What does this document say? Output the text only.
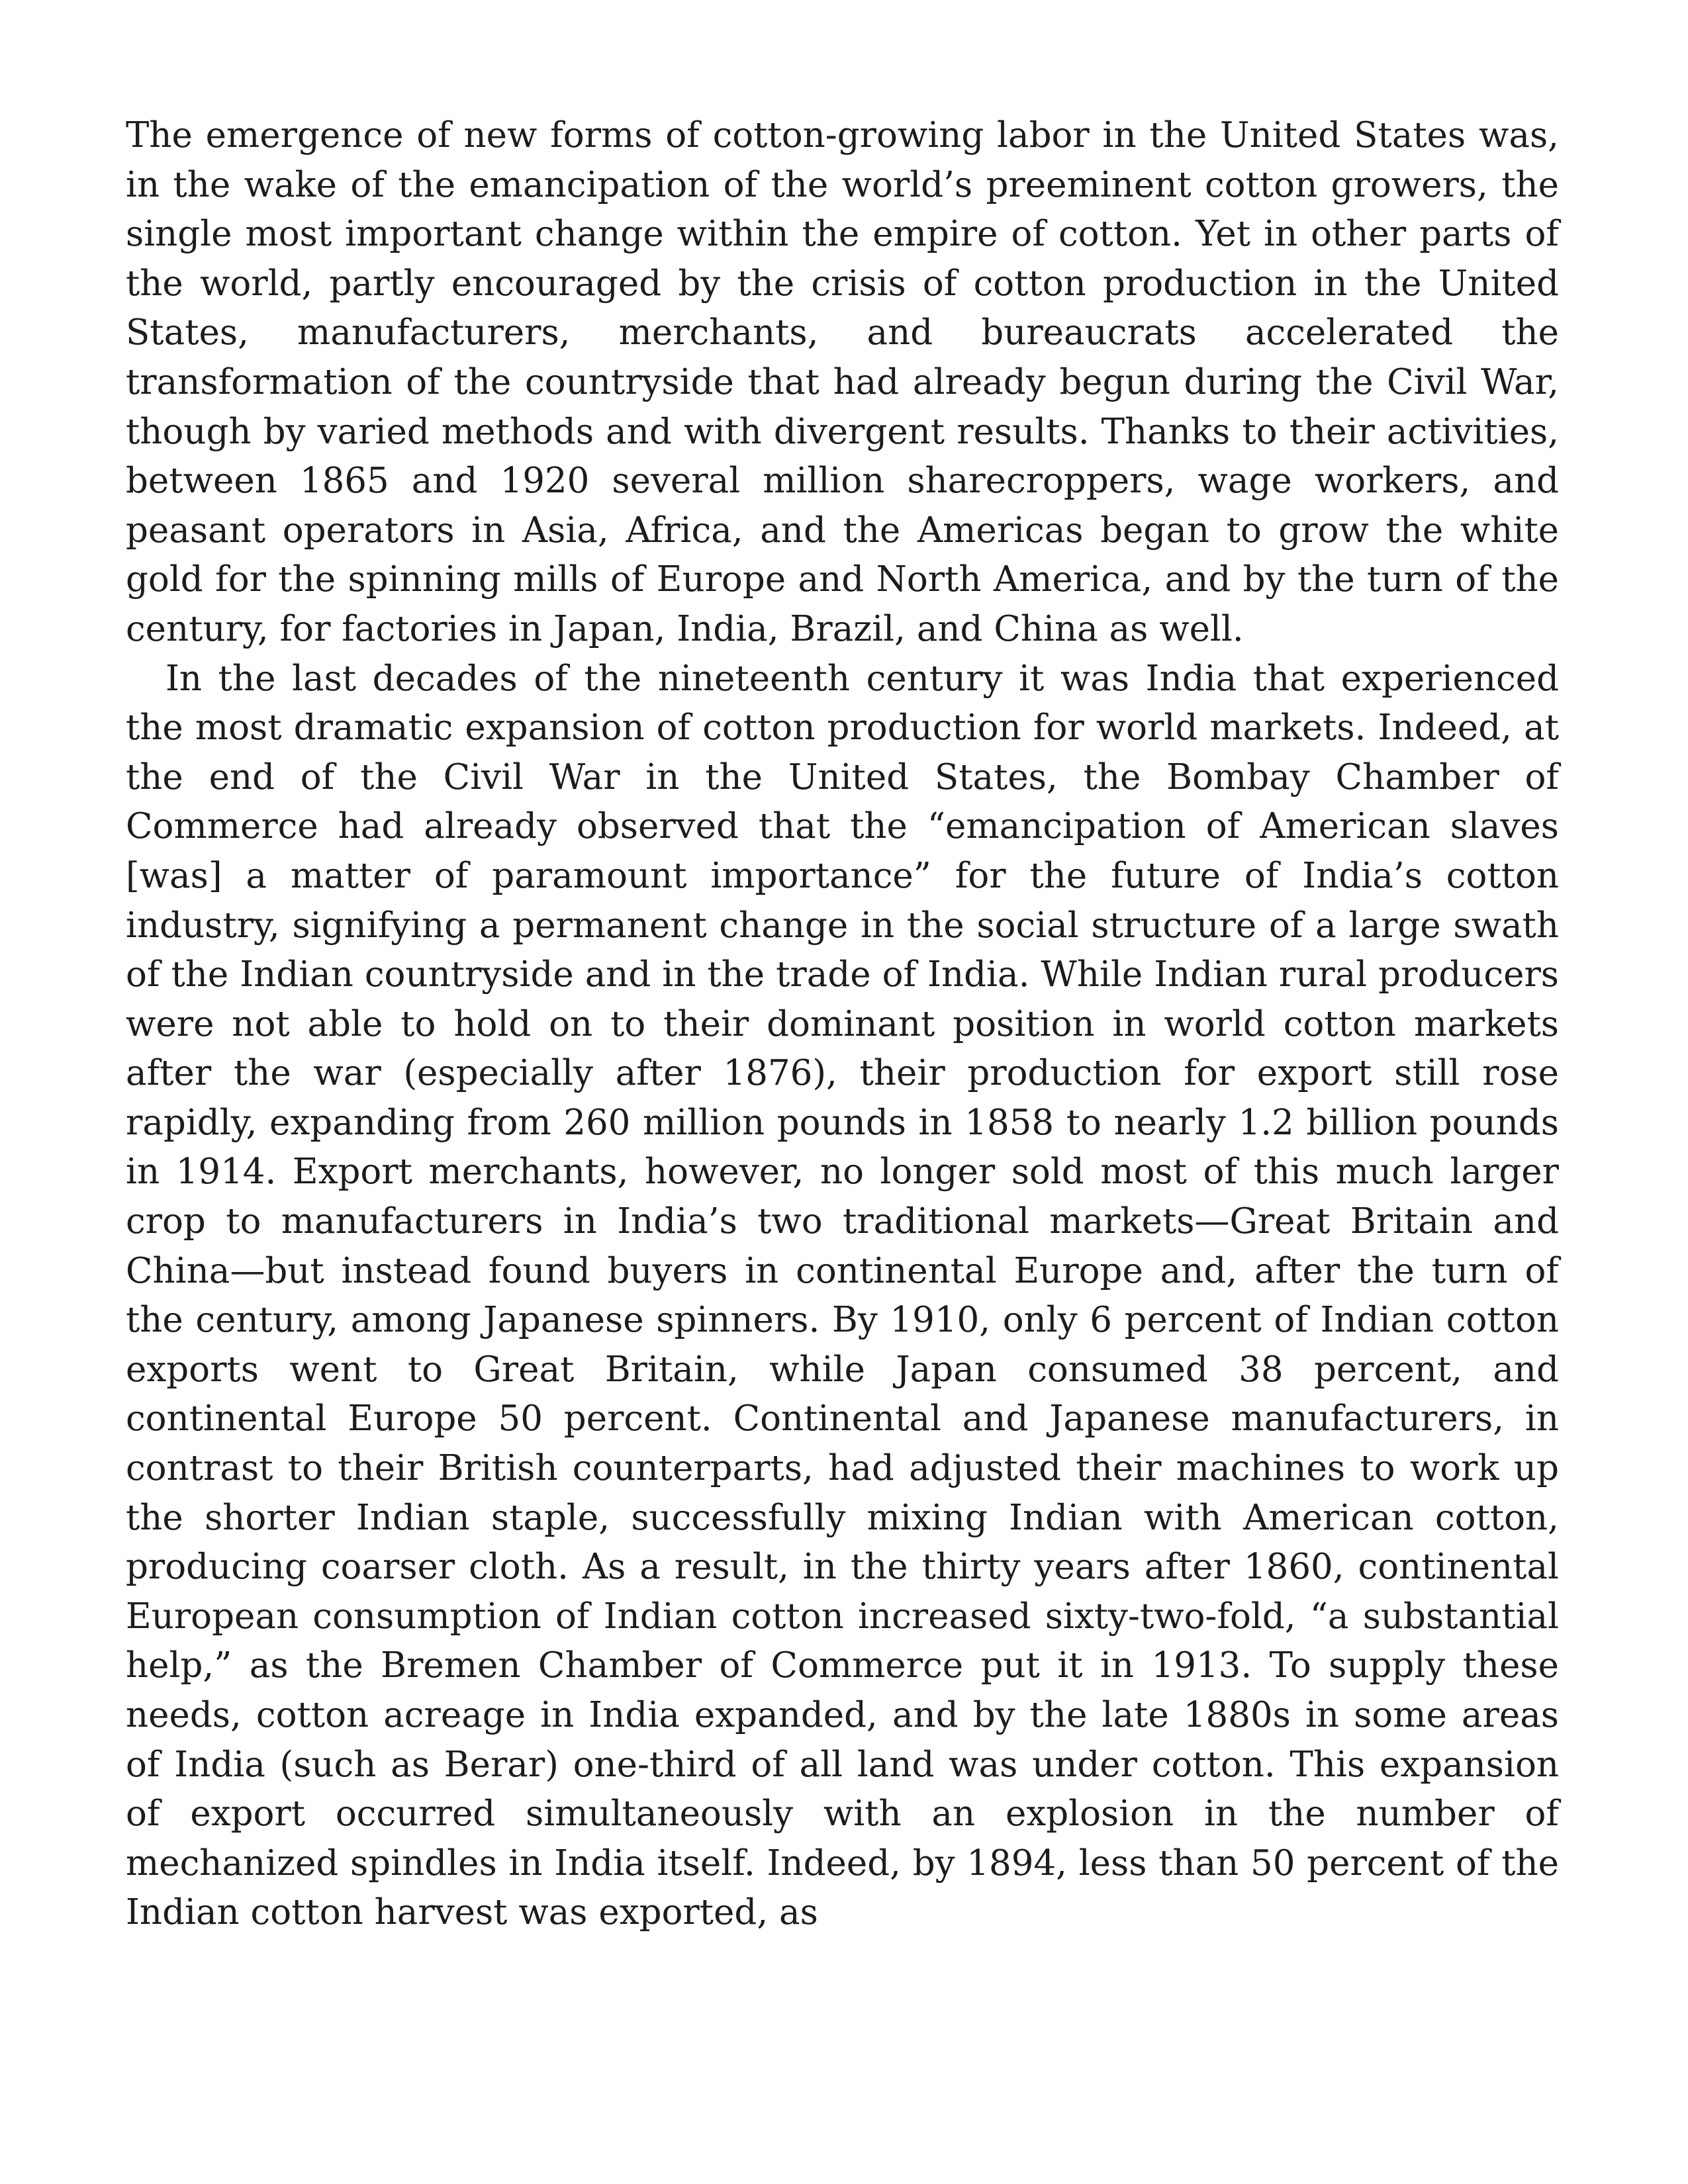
The emergence of new forms of cotton-growing labor in the United States was, in the wake of the emancipation of the world’s preeminent cotton growers, the single most important change within the empire of cotton. Yet in other parts of the world, partly encouraged by the crisis of cotton production in the United States, manufacturers, merchants, and bureaucrats accelerated the transformation of the countryside that had already begun during the Civil War, though by varied methods and with divergent results. Thanks to their activities, between 1865 and 1920 several million sharecroppers, wage workers, and peasant operators in Asia, Africa, and the Americas began to grow the white gold for the spinning mills of Europe and North America, and by the turn of the century, for factories in Japan, India, Brazil, and China as well.

In the last decades of the nineteenth century it was India that experienced the most dramatic expansion of cotton production for world markets. Indeed, at the end of the Civil War in the United States, the Bombay Chamber of Commerce had already observed that the “emancipation of American slaves [was] a matter of paramount importance” for the future of India’s cotton industry, signifying a permanent change in the social structure of a large swath of the Indian countryside and in the trade of India. While Indian rural producers were not able to hold on to their dominant position in world cotton markets after the war (especially after 1876), their production for export still rose rapidly, expanding from 260 million pounds in 1858 to nearly 1.2 billion pounds in 1914. Export merchants, however, no longer sold most of this much larger crop to manufacturers in India’s two traditional markets—Great Britain and China—but instead found buyers in continental Europe and, after the turn of the century, among Japanese spinners. By 1910, only 6 percent of Indian cotton exports went to Great Britain, while Japan consumed 38 percent, and continental Europe 50 percent. Continental and Japanese manufacturers, in contrast to their British counterparts, had adjusted their machines to work up the shorter Indian staple, successfully mixing Indian with American cotton, producing coarser cloth. As a result, in the thirty years after 1860, continental European consumption of Indian cotton increased sixty-two-fold, “a substantial help,” as the Bremen Chamber of Commerce put it in 1913. To supply these needs, cotton acreage in India expanded, and by the late 1880s in some areas of India (such as Berar) one-third of all land was under cotton. This expansion of export occurred simultaneously with an explosion in the number of mechanized spindles in India itself. Indeed, by 1894, less than 50 percent of the Indian cotton harvest was exported, as
